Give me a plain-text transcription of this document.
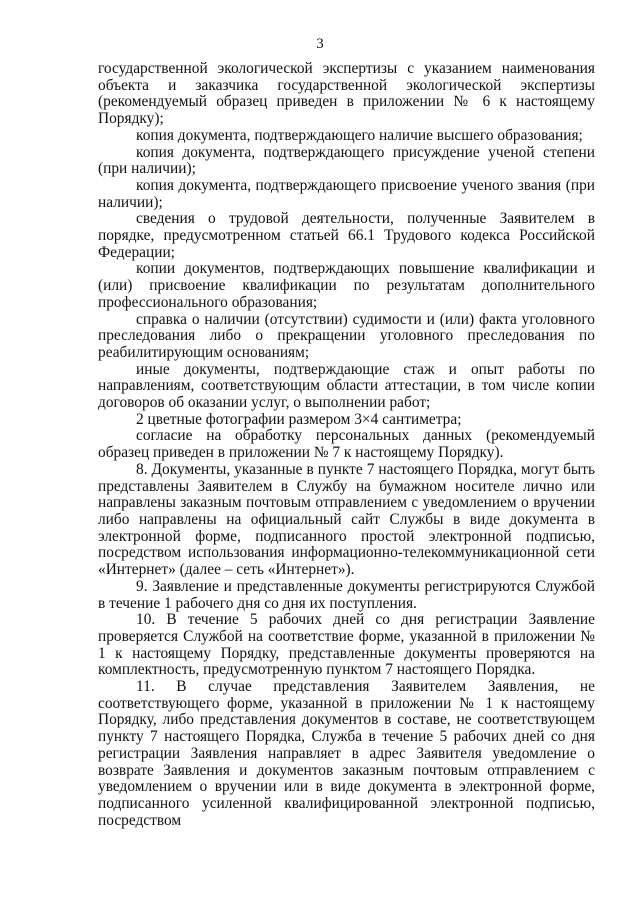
3

государственной экологической экспертизы с указанием наименования объекта и заказчика государственной экологической экспертизы (рекомендуемый образец приведен в приложении № 6 к настоящему Порядку);

копия документа, подтверждающего наличие высшего образования;

копия документа, подтверждающего присуждение ученой степени (при наличии);

копия документа, подтверждающего присвоение ученого звания (при наличии);

сведения о трудовой деятельности, полученные Заявителем в порядке, предусмотренном статьей 66.1 Трудового кодекса Российской Федерации;

копии документов, подтверждающих повышение квалификации и (или) присвоение квалификации по результатам дополнительного профессионального образования;

справка о наличии (отсутствии) судимости и (или) факта уголовного преследования либо о прекращении уголовного преследования по реабилитирующим основаниям;

иные документы, подтверждающие стаж и опыт работы по направлениям, соответствующим области аттестации, в том числе копии договоров об оказании услуг, о выполнении работ;

2 цветные фотографии размером 3×4 сантиметра;

согласие на обработку персональных данных (рекомендуемый образец приведен в приложении № 7 к настоящему Порядку).

8. Документы, указанные в пункте 7 настоящего Порядка, могут быть представлены Заявителем в Службу на бумажном носителе лично или направлены заказным почтовым отправлением с уведомлением о вручении либо направлены на официальный сайт Службы в виде документа в электронной форме, подписанного простой электронной подписью, посредством использования информационно-телекоммуникационной сети «Интернет» (далее – сеть «Интернет»).

9. Заявление и представленные документы регистрируются Службой в течение 1 рабочего дня со дня их поступления.

10. В течение 5 рабочих дней со дня регистрации Заявление проверяется Службой на соответствие форме, указанной в приложении № 1 к настоящему Порядку, представленные документы проверяются на комплектность, предусмотренную пунктом 7 настоящего Порядка.

11. В случае представления Заявителем Заявления, не соответствующего форме, указанной в приложении № 1 к настоящему Порядку, либо представления документов в составе, не соответствующем пункту 7 настоящего Порядка, Служба в течение 5 рабочих дней со дня регистрации Заявления направляет в адрес Заявителя уведомление о возврате Заявления и документов заказным почтовым отправлением с уведомлением о вручении или в виде документа в электронной форме, подписанного усиленной квалифицированной электронной подписью, посредством
